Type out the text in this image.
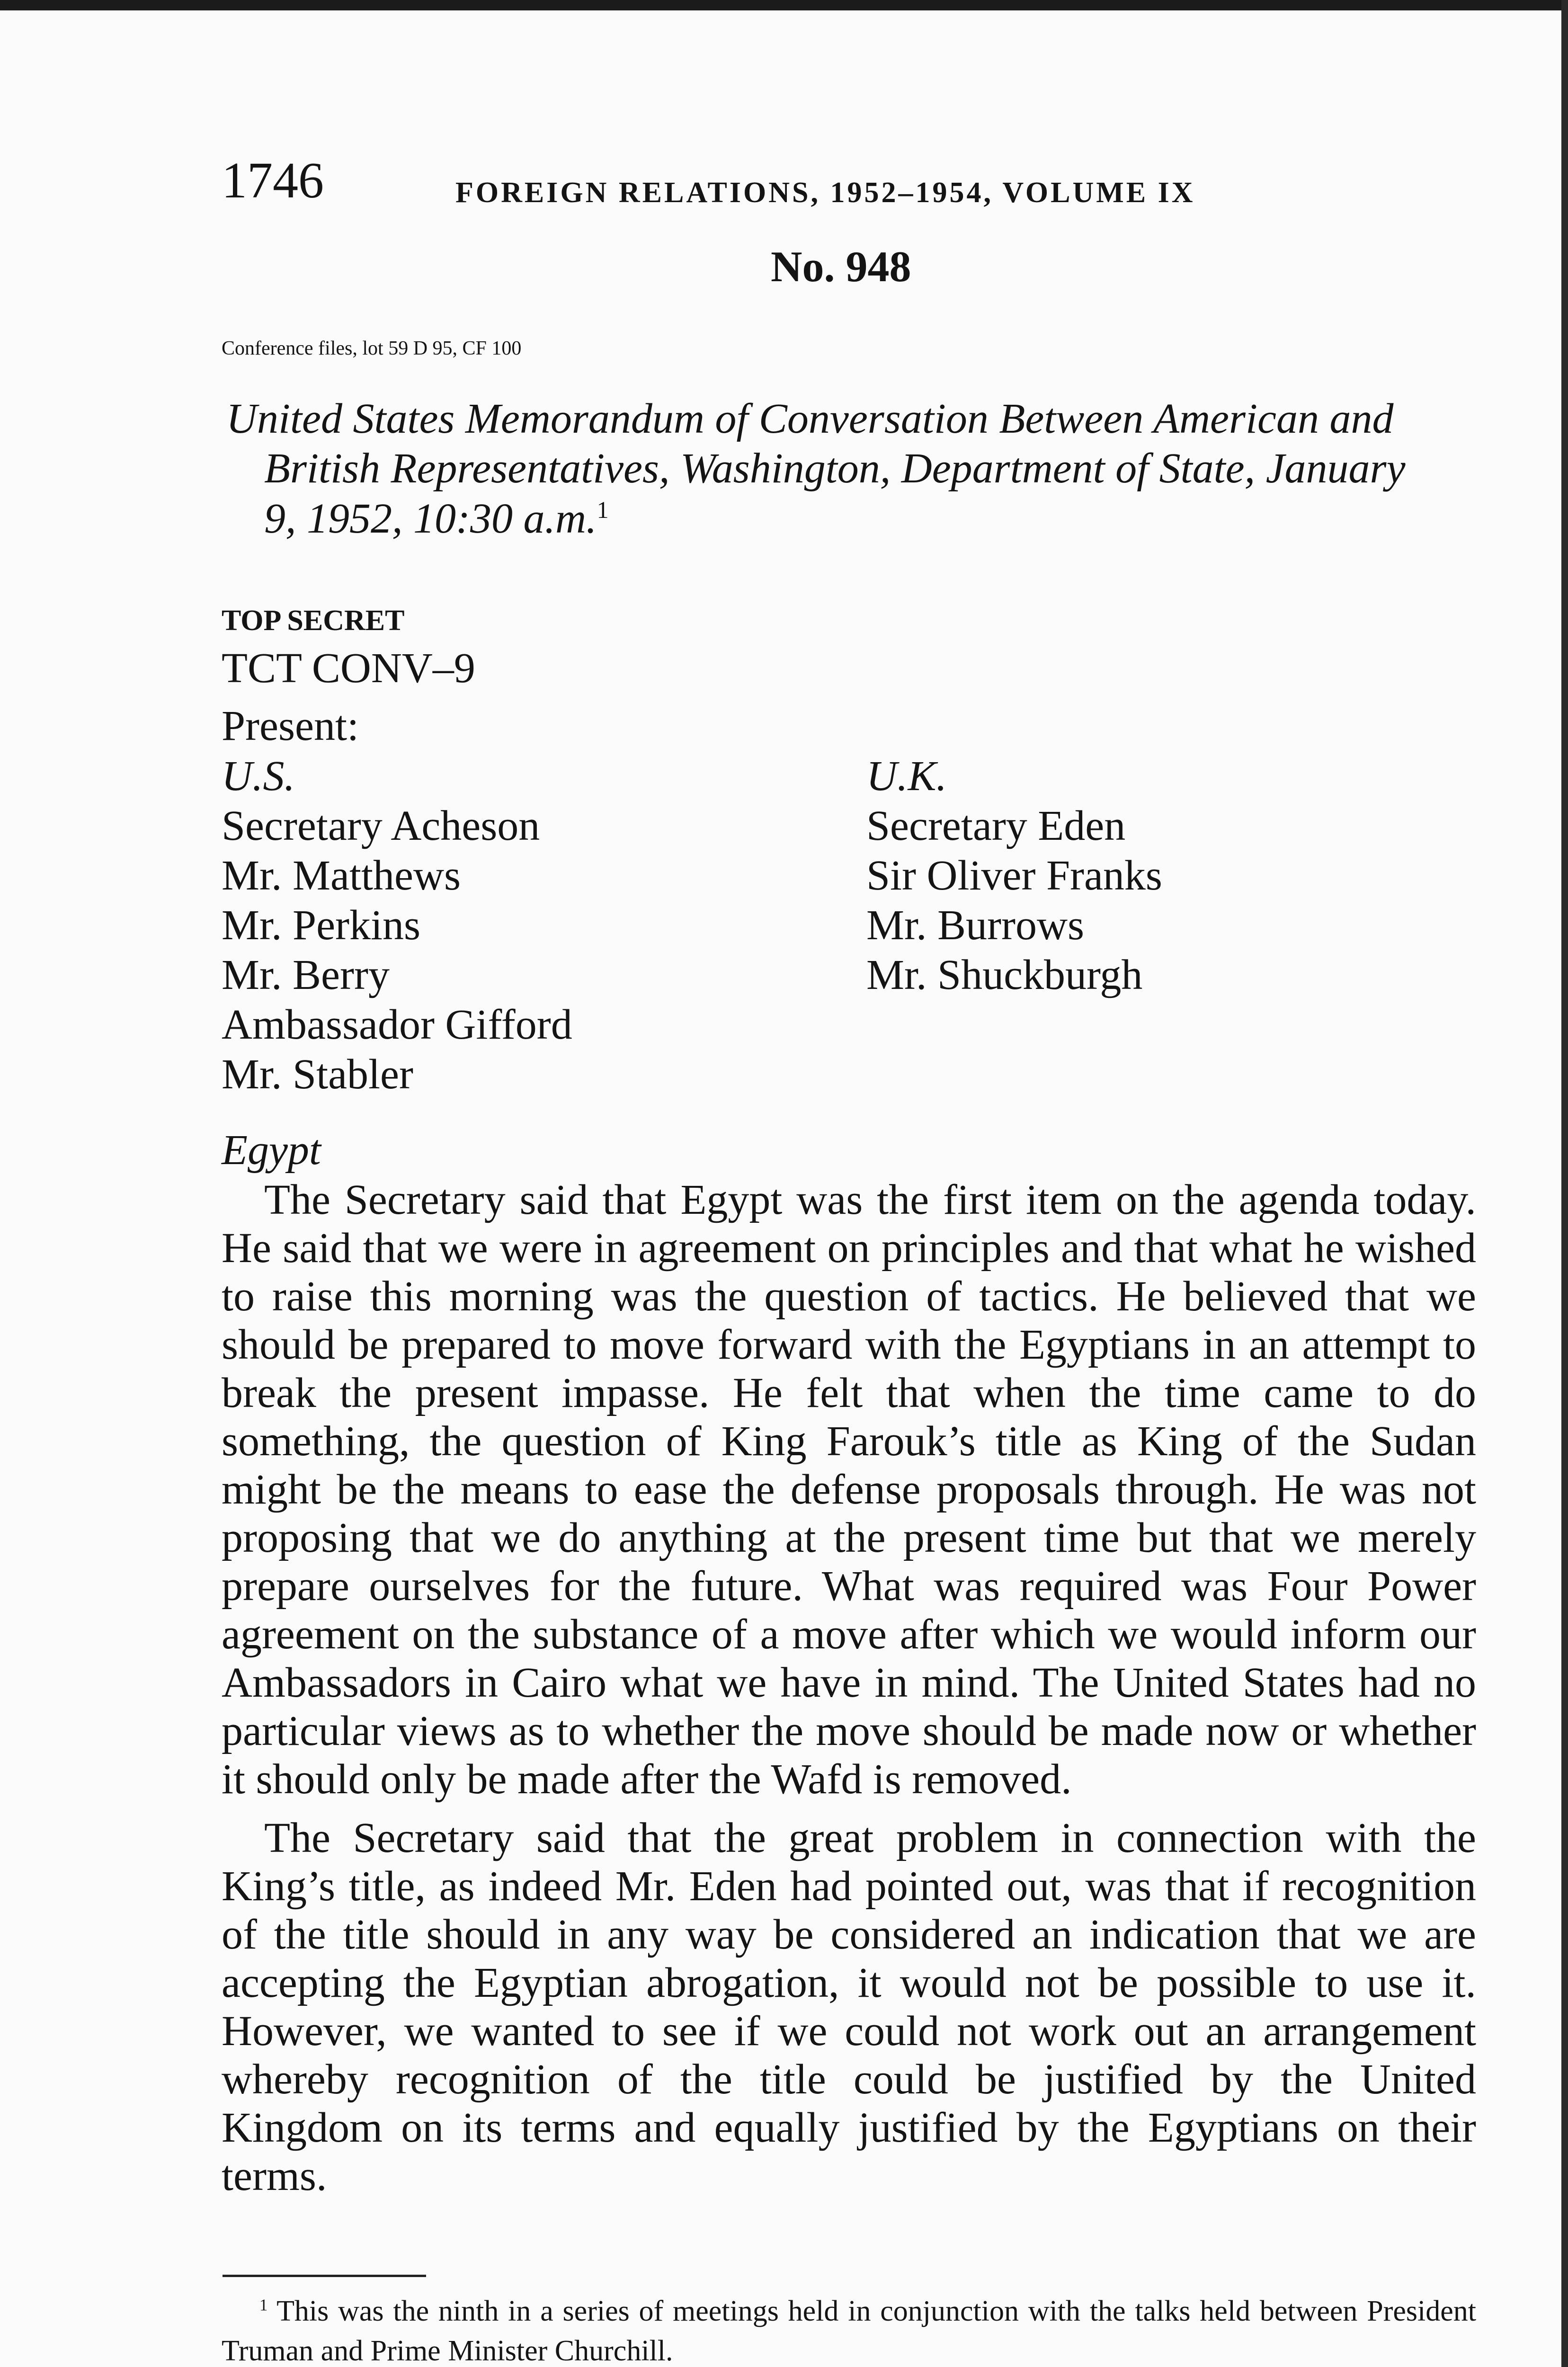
1746	FOREIGN RELATIONS, 1952–1954, VOLUME IX
No. 948
Conference files, lot 59 D 95, CF 100
United States Memorandum of Conversation Between American and
British Representatives, Washington, Department of State, January
9, 1952, 10:30 a.m.$^1$
TOP SECRET
TCT CONV–9
Present:
U.S.
Secretary Acheson
Mr. Matthews
Mr. Perkins
Mr. Berry
Ambassador Gifford
Mr. Stabler
U.K.
Secretary Eden
Sir Oliver Franks
Mr. Burrows
Mr. Shuckburgh
Egypt

The Secretary said that Egypt was the first item on the agenda today. He said that we were in agreement on principles and that what he wished to raise this morning was the question of tactics. He believed that we should be prepared to move forward with the Egyptians in an attempt to break the present impasse. He felt that when the time came to do something, the question of King Farouk’s title as King of the Sudan might be the means to ease the defense proposals through. He was not proposing that we do anything at the present time but that we merely prepare ourselves for the future. What was required was Four Power agreement on the substance of a move after which we would inform our Ambassadors in Cairo what we have in mind. The United States had no particular views as to whether the move should be made now or whether it should only be made after the Wafd is removed.

The Secretary said that the great problem in connection with the King’s title, as indeed Mr. Eden had pointed out, was that if recognition of the title should in any way be considered an indication that we are accepting the Egyptian abrogation, it would not be possible to use it. However, we wanted to see if we could not work out an arrangement whereby recognition of the title could be justified by the United Kingdom on its terms and equally justified by the Egyptians on their terms.

$^1$ This was the ninth in a series of meetings held in conjunction with the talks held between President Truman and Prime Minister Churchill.
